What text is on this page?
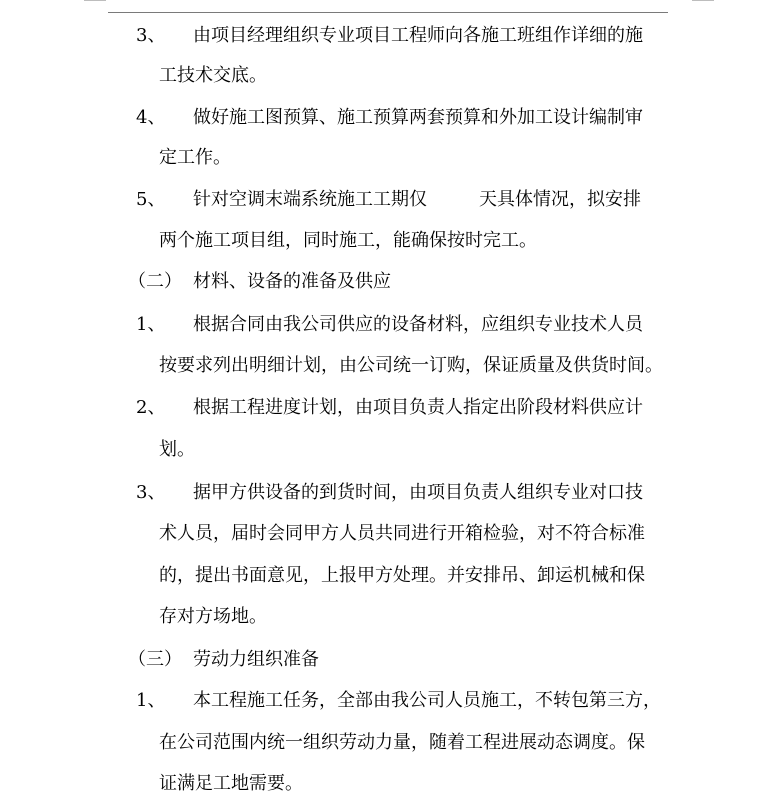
3、 由项目经理组织专业项目工程师向各施工班组作详细的施
工技术交底。
4、 做好施工图预算、施工预算两套预算和外加工设计编制审
定工作。
5、 针对空调末端系统施工工期仅	天具体情况，拟安排
两个施工项目组，同时施工，能确保按时完工。
（二） 材料、设备的准备及供应
1、 根据合同由我公司供应的设备材料，应组织专业技术人员
按要求列出明细计划，由公司统一订购，保证质量及供货时间。
2、 根据工程进度计划，由项目负责人指定出阶段材料供应计
划。
3、 据甲方供设备的到货时间，由项目负责人组织专业对口技
术人员，届时会同甲方人员共同进行开箱检验，对不符合标准
的，提出书面意见，上报甲方处理。并安排吊、卸运机械和保
存对方场地。
（三） 劳动力组织准备
1、 本工程施工任务，全部由我公司人员施工，不转包第三方，
在公司范围内统一组织劳动力量，随着工程进展动态调度。保
证满足工地需要。
